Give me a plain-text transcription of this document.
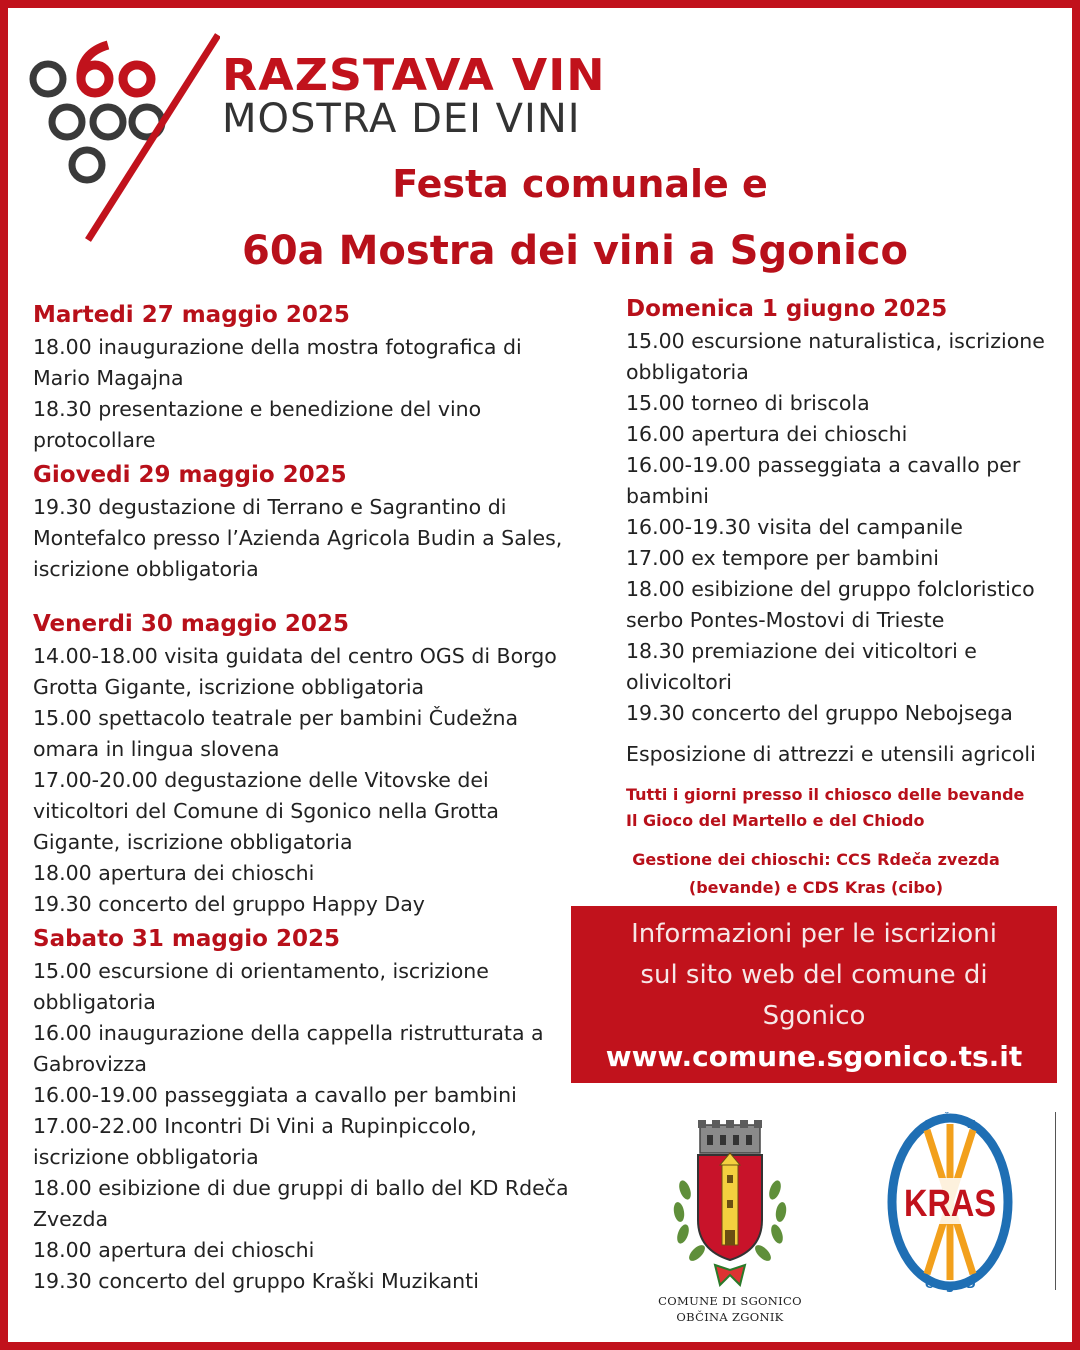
RAZSTAVA VIN
MOSTRA DEI VINI
Festa comunale e
60a Mostra dei vini a Sgonico

Martedi 27 maggio 2025

18.00 inaugurazione della mostra fotografica di Mario Magajna

18.30 presentazione e benedizione del vino protocollare

Giovedi 29 maggio 2025

19.30 degustazione di Terrano e Sagrantino di Montefalco presso l’Azienda Agricola Budin a Sales, iscrizione obbligatoria

Venerdi 30 maggio 2025

14.00-18.00 visita guidata del centro OGS di Borgo Grotta Gigante, iscrizione obbligatoria

15.00 spettacolo teatrale per bambini Čudežna omara in lingua slovena

17.00-20.00 degustazione delle Vitovske dei viticoltori del Comune di Sgonico nella Grotta Gigante, iscrizione obbligatoria

18.00 apertura dei chioschi

19.30 concerto del gruppo Happy Day

Sabato 31 maggio 2025

15.00 escursione di orientamento, iscrizione obbligatoria

16.00 inaugurazione della cappella ristrutturata a Gabrovizza

16.00-19.00 passeggiata a cavallo per bambini

17.00-22.00 Incontri Di Vini a Rupinpiccolo, iscrizione obbligatoria

18.00 esibizione di due gruppi di ballo del KD Rdeča Zvezda

18.00 apertura dei chioschi

19.30 concerto del gruppo Kraški Muzikanti

Domenica 1 giugno 2025

15.00 escursione naturalistica, iscrizione obbligatoria

15.00 torneo di briscola

16.00 apertura dei chioschi

16.00-19.00 passeggiata a cavallo per bambini

16.00-19.30 visita del campanile

17.00 ex tempore per bambini

18.00 esibizione del gruppo folcloristico serbo Pontes-Mostovi di Trieste

18.30 premiazione dei viticoltori e olivicoltori

19.30 concerto del gruppo Nebojsega

Esposizione di attrezzi e utensili agricoli
Tutti i giorni presso il chiosco delle bevande
Il Gioco del Martello e del Chiodo
Gestione dei chioschi: CCS Rdeča zvezda
(bevande) e CDS Kras (cibo)
Informazioni per le iscrizioni
sul sito web del comune di
Sgonico
www.comune.sgonico.ts.it
COMUNE DI SGONICO
OBČINA ZGONIK
KRAS
A Š K
C Š D
